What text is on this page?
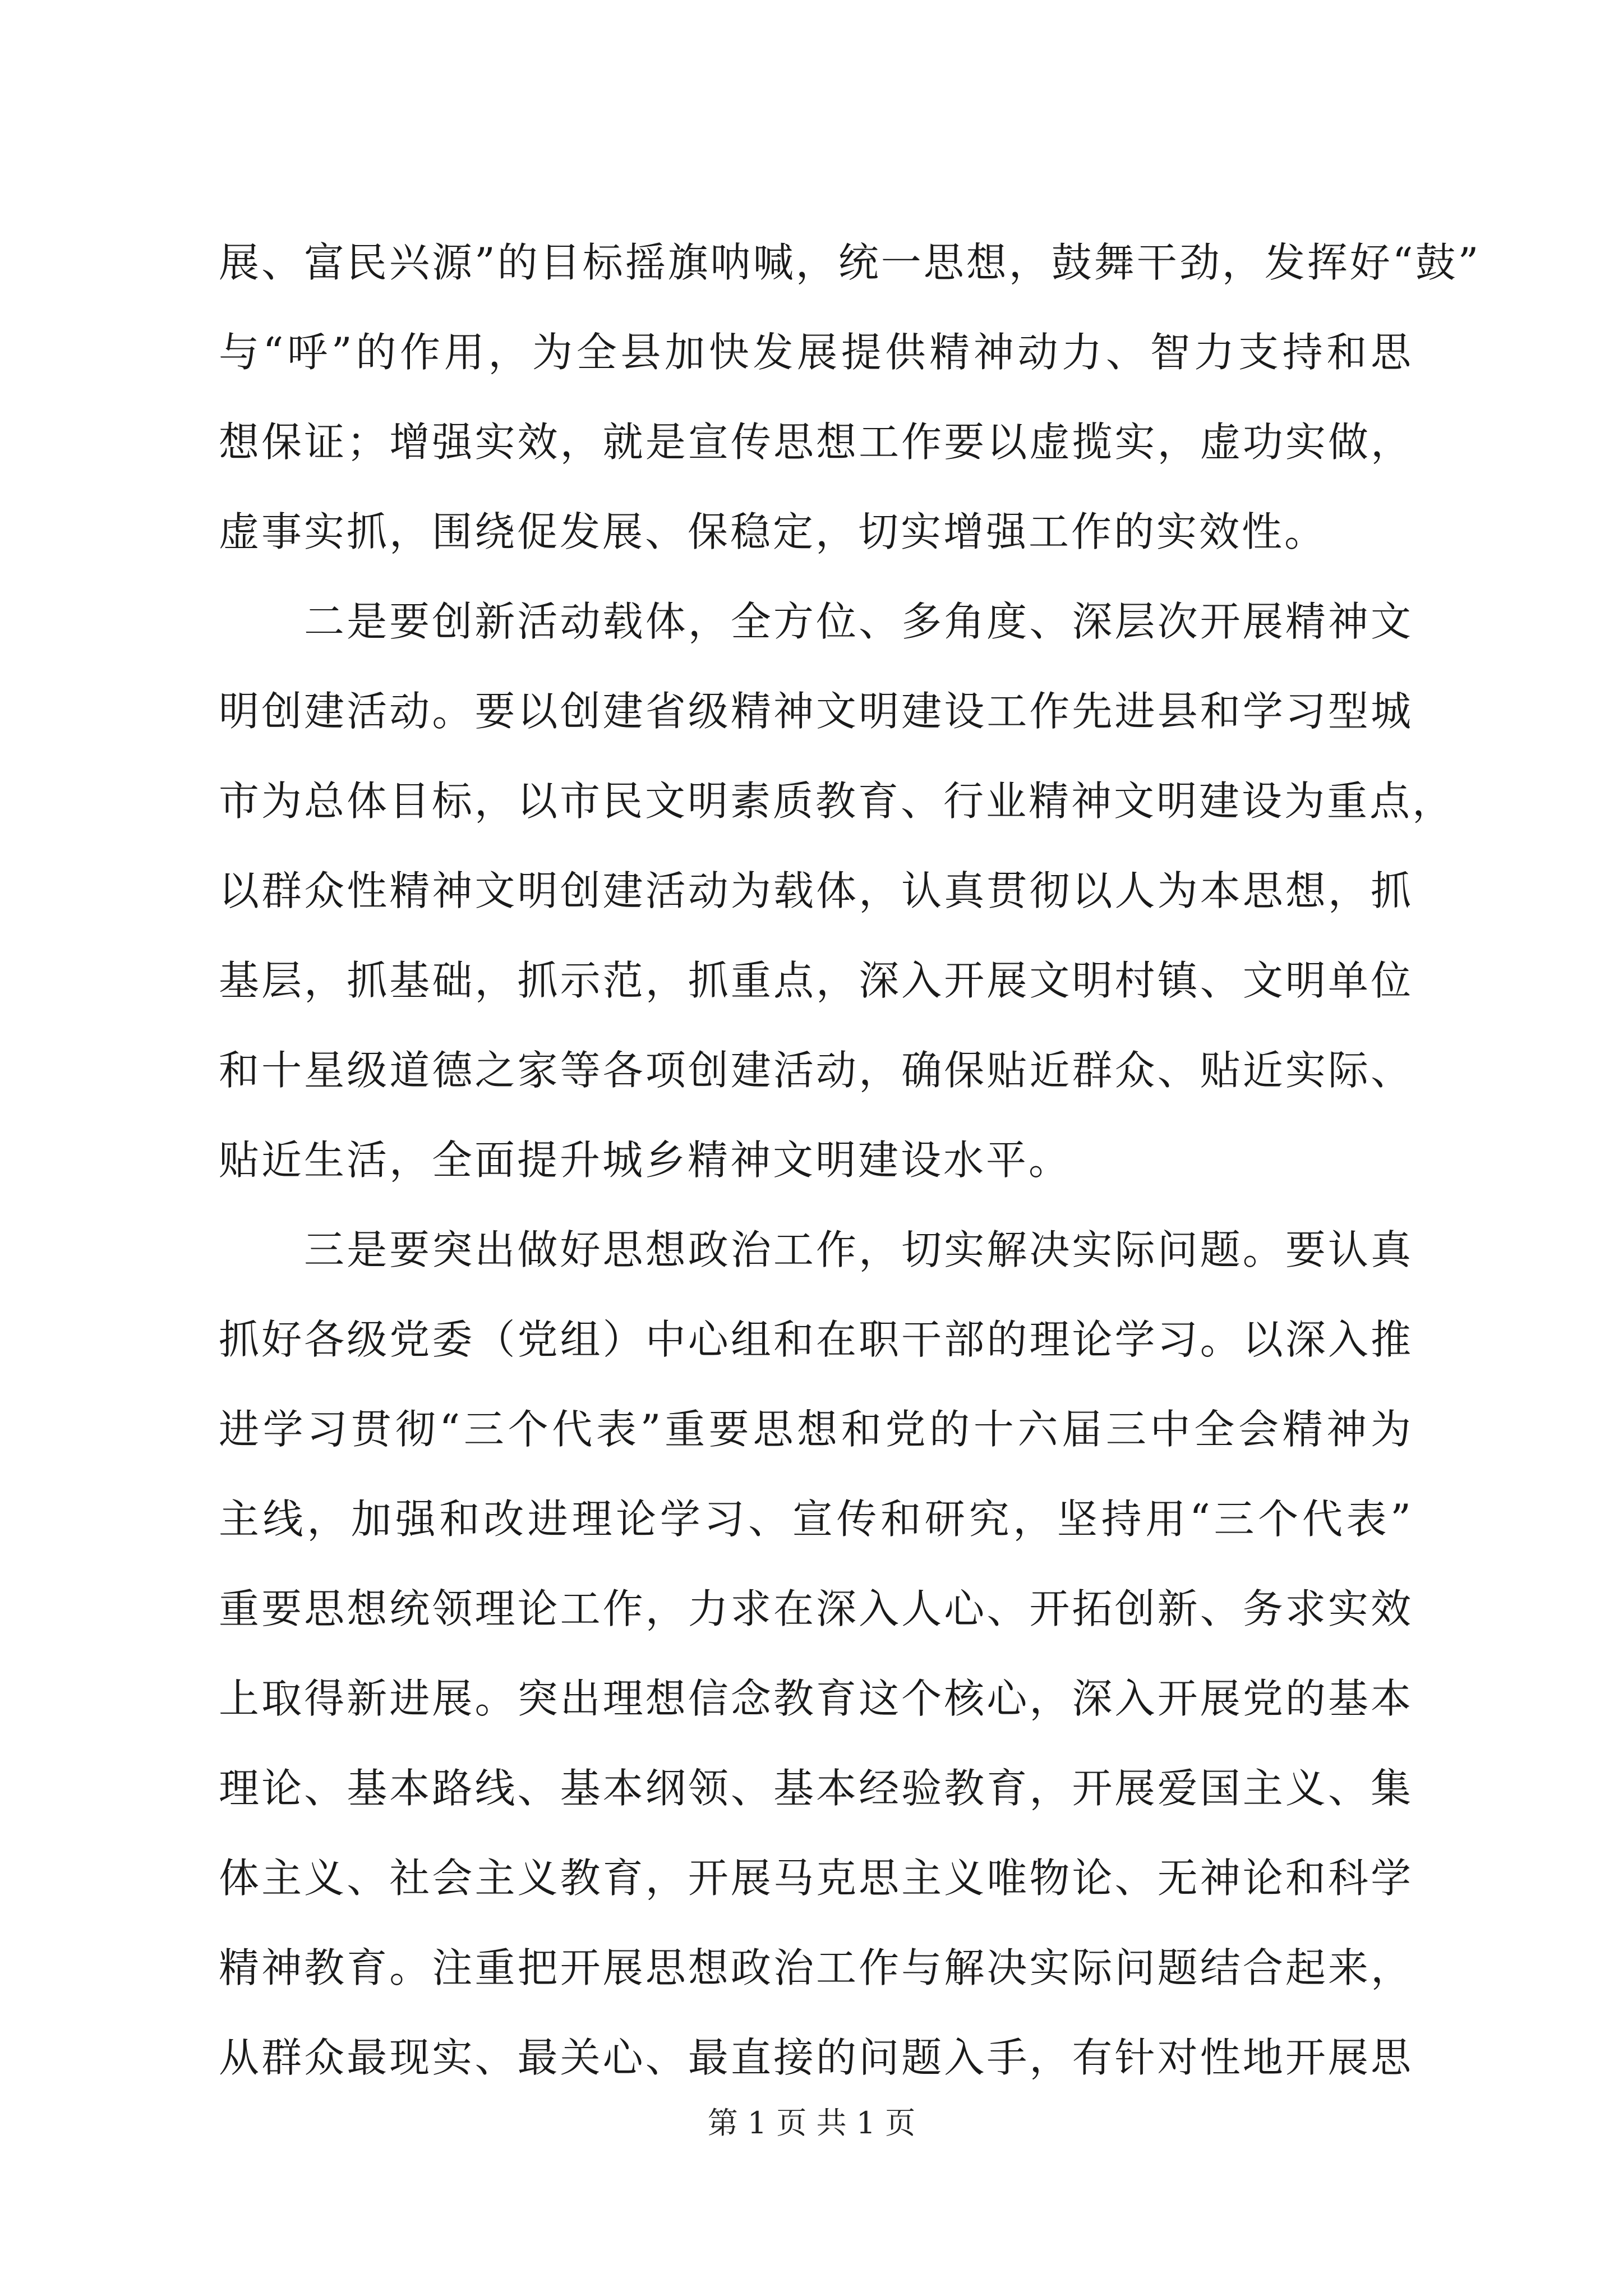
展、富民兴源”的目标摇旗呐喊，统一思想，鼓舞干劲，发挥好“鼓”
与“呼”的作用，为全县加快发展提供精神动力、智力支持和思
想保证；增强实效，就是宣传思想工作要以虚揽实，虚功实做，
虚事实抓，围绕促发展、保稳定，切实增强工作的实效性。
二是要创新活动载体，全方位、多角度、深层次开展精神文
明创建活动。要以创建省级精神文明建设工作先进县和学习型城
市为总体目标，以市民文明素质教育、行业精神文明建设为重点，
以群众性精神文明创建活动为载体，认真贯彻以人为本思想，抓
基层，抓基础，抓示范，抓重点，深入开展文明村镇、文明单位
和十星级道德之家等各项创建活动，确保贴近群众、贴近实际、
贴近生活，全面提升城乡精神文明建设水平。
三是要突出做好思想政治工作，切实解决实际问题。要认真
抓好各级党委（党组）中心组和在职干部的理论学习。以深入推
进学习贯彻“三个代表”重要思想和党的十六届三中全会精神为
主线，加强和改进理论学习、宣传和研究，坚持用“三个代表”
重要思想统领理论工作，力求在深入人心、开拓创新、务求实效
上取得新进展。突出理想信念教育这个核心，深入开展党的基本
理论、基本路线、基本纲领、基本经验教育，开展爱国主义、集
体主义、社会主义教育，开展马克思主义唯物论、无神论和科学
精神教育。注重把开展思想政治工作与解决实际问题结合起来，
从群众最现实、最关心、最直接的问题入手，有针对性地开展思
第 1 页 共 1 页
